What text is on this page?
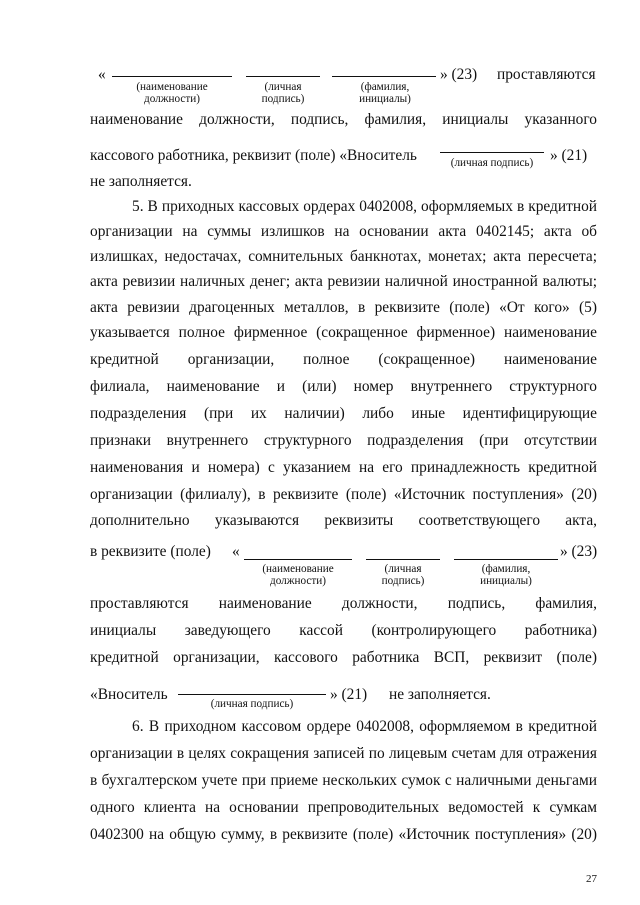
«	» (23) проставляются
(наименование
должности)
(личная
подпись)
(фамилия,
инициалы)
наименование должности, подпись, фамилия, инициалы указанного
кассового работника, реквизит (поле) «Вноситель	(личная подпись)	» (21)
не заполняется.
5. В приходных кассовых ордерах 0402008, оформляемых в кредитной
организации на суммы излишков на основании акта 0402145; акта об
излишках, недостачах, сомнительных банкнотах, монетах; акта пересчета;
акта ревизии наличных денег; акта ревизии наличной иностранной валюты;
акта ревизии драгоценных металлов, в реквизите (поле) «От кого» (5)
указывается полное фирменное (сокращенное фирменное) наименование
кредитной организации, полное (сокращенное) наименование
филиала, наименование и (или) номер внутреннего структурного
подразделения (при их наличии) либо иные идентифицирующие
признаки внутреннего структурного подразделения (при отсутствии
наименования и номера) с указанием на его принадлежность кредитной
организации (филиалу), в реквизите (поле) «Источник поступления» (20)
дополнительно указываются реквизиты соответствующего акта,
в реквизите (поле) «	» (23)
(наименование
должности)
(личная
подпись)
(фамилия,
инициалы)
проставляются наименование должности, подпись, фамилия,
инициалы заведующего кассой (контролирующего работника)
кредитной организации, кассового работника ВСП, реквизит (поле)
«Вноситель
(личная подпись)
» (21) не заполняется.
6. В приходном кассовом ордере 0402008, оформляемом в кредитной
организации в целях сокращения записей по лицевым счетам для отражения
в бухгалтерском учете при приеме нескольких сумок с наличными деньгами
одного клиента на основании препроводительных ведомостей к сумкам
0402300 на общую сумму, в реквизите (поле) «Источник поступления» (20)
27
